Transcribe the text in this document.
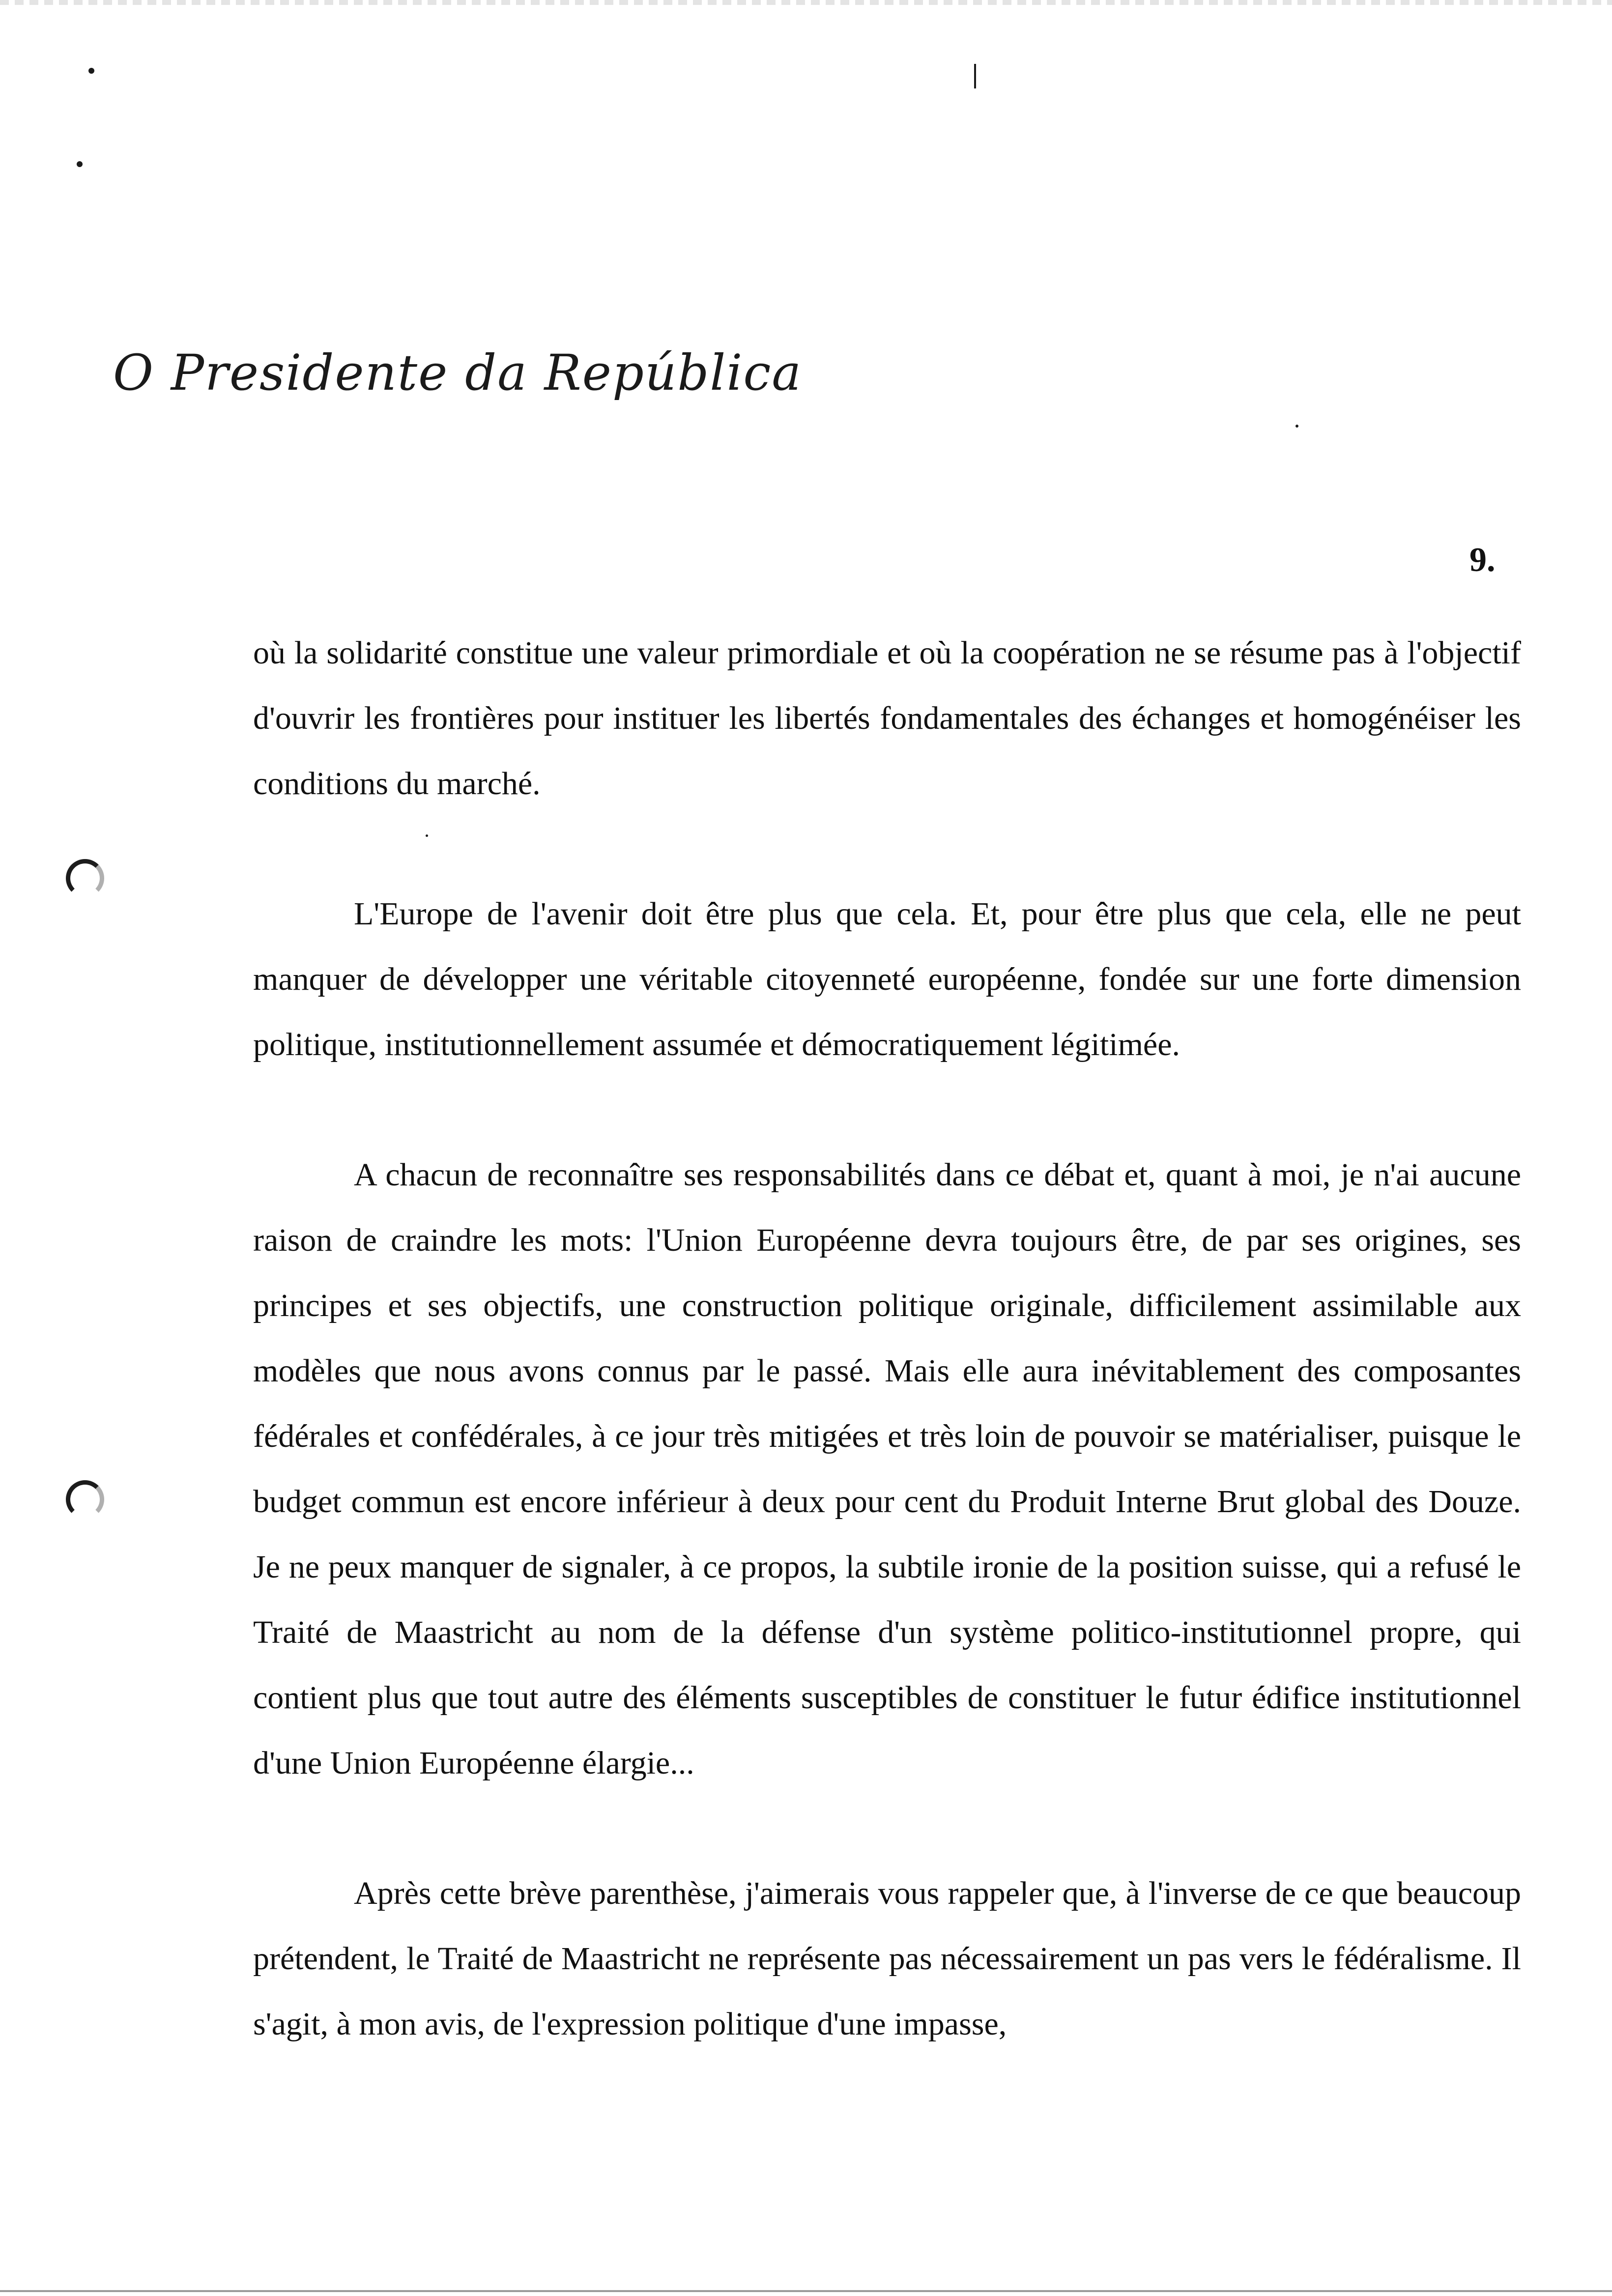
O Presidente da República
9.

où la solidarité constitue une valeur primordiale et où la coopération ne se résume pas à l'objectif d'ouvrir les frontières pour instituer les libertés fondamentales des échanges et homogénéiser les conditions du marché.

L'Europe de l'avenir doit être plus que cela. Et, pour être plus que cela, elle ne peut manquer de développer une véritable citoyenneté européenne, fondée sur une forte dimension politique, institutionnellement assumée et démocratiquement légitimée.

A chacun de reconnaître ses responsabilités dans ce débat et, quant à moi, je n'ai aucune raison de craindre les mots: l'Union Européenne devra toujours être, de par ses origines, ses principes et ses objectifs, une construction politique originale, difficilement assimilable aux modèles que nous avons connus par le passé. Mais elle aura inévitablement des composantes fédérales et confédérales, à ce jour très mitigées et très loin de pouvoir se matérialiser, puisque le budget commun est encore inférieur à deux pour cent du Produit Interne Brut global des Douze. Je ne peux manquer de signaler, à ce propos, la subtile ironie de la position suisse, qui a refusé le Traité de Maastricht au nom de la défense d'un système politico-institutionnel propre, qui contient plus que tout autre des éléments susceptibles de constituer le futur édifice institutionnel d'une Union Européenne élargie...

Après cette brève parenthèse, j'aimerais vous rappeler que, à l'inverse de ce que beaucoup prétendent, le Traité de Maastricht ne représente pas nécessairement un pas vers le fédéralisme. Il s'agit, à mon avis, de l'expression politique d'une impasse,
